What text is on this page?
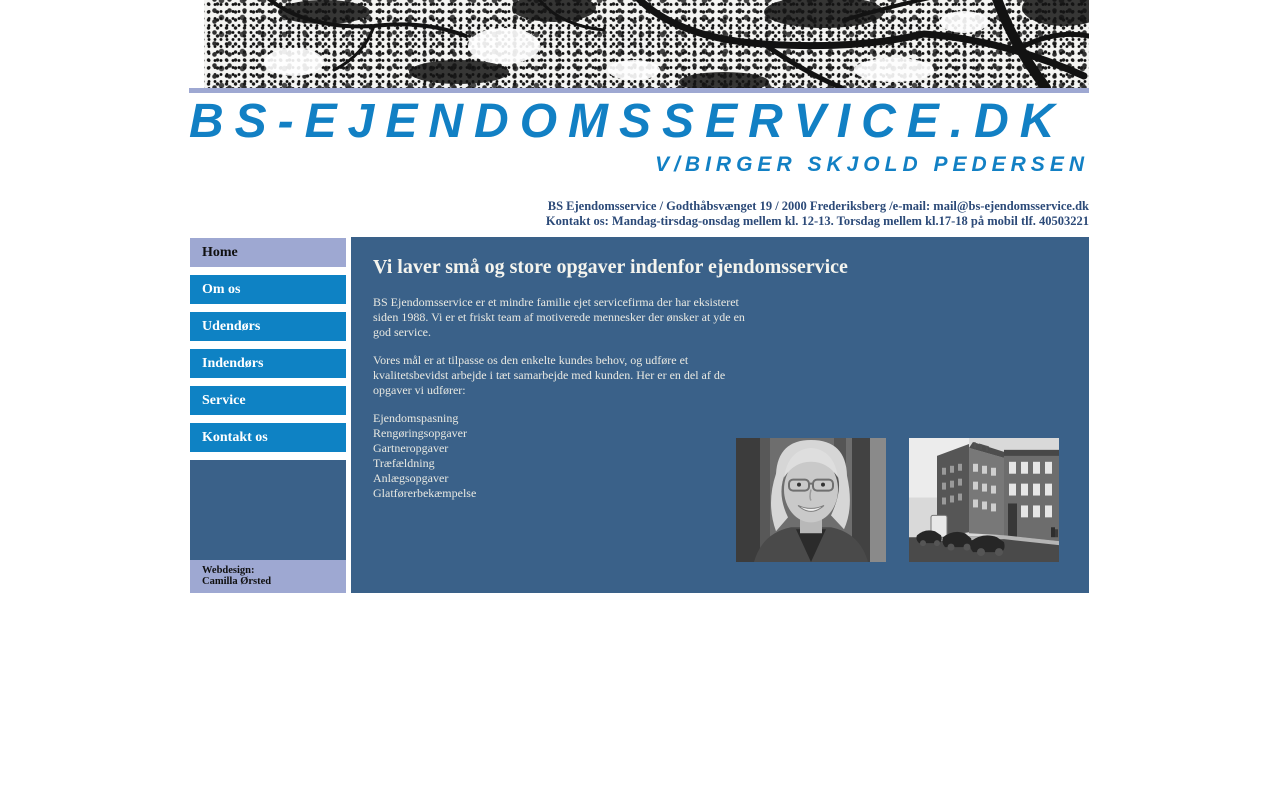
BS-EJENDOMSSERVICE.DK
V/BIRGER SKJOLD PEDERSEN
BS Ejendomsservice / Godthåbsvænget 19 / 2000 Frederiksberg /e-mail: mail@bs-ejendomsservice.dk
Kontakt os: Mandag-tirsdag-onsdag mellem kl. 12-13. Torsdag mellem kl.17-18 på mobil tlf. 40503221
Home
Om os
Udendørs
Indendørs
Service
Kontakt os
Webdesign:
Camilla Ørsted
Vi laver små og store opgaver indenfor ejendomsservice

BS Ejendomsservice er et mindre familie ejet servicefirma der har eksisteret siden 1988. Vi er et friskt team af motiverede mennesker der ønsker at yde en god service.

Vores mål er at tilpasse os den enkelte kundes behov, og udføre et kvalitetsbevidst arbejde i tæt samarbejde med kunden. Her er en del af de opgaver vi udfører:

Ejendomspasning
Rengøringsopgaver
Gartneropgaver
Træfældning
Anlægsopgaver
Glatførerbekæmpelse
